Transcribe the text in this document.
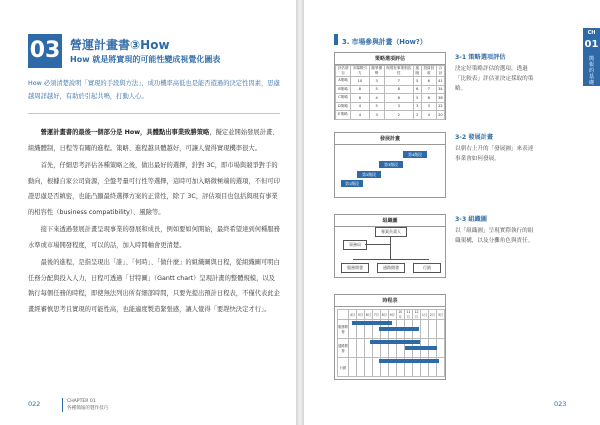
03 營運計畫書③How
How 就是將實現的可能性變成視覺化圖表
How 必須清楚說明「實現的手段與方法」，成功機率高低也是能否遊過的決定性因素，思慮越周詳越好，有助於引起共鳴，打動人心。

營運計畫書的最後一個部分是 How，具體點出事業致勝策略，擬定並開始發展計畫、組織體制，日程等有關的進程。策略、進程越具體越好，可讓人覺得實現機率很大。

首先，仔細思考評估各種策略之後，做出最好的選擇，針對 3C，即市場與競爭對手的動向，根據自家公司資源，全盤考量可行性等選擇，這時可加入略微極端的選項，不但可印證思慮是否縝密，也能凸顯最終選擇方案的正當性，除了 3C，評估項目也包括與現有事業的相容性（business compatibility）、風險等。

接下來透過發展計畫呈現事業的發展和成長，例如要如何開始，最終希望達到何種服務水準或市場開發程度，可以的話，加入時間軸會更清楚。

最後的進程，是指呈現出「誰」、「何時」、「做什麼」的組織圖與日程，從組織圖可明白任務分配與投入人力，日程可透過「甘特圖」（Gantt chart）呈現計畫的整體規模，以及執行每個任務的時程，即使無法列出所有細部時間，只要先提出預計日程表，不僅代表此企畫經審慎思考且實現的可能性高，也能適度製造緊張感，讓人覺得「要趕快決定才行」。

022	CHAPTER 01
各種簡報的製作技巧
3. 市場參與計畫（How?）
CH
01
簡報的基礎
策略選項評估
評估項目	市場吸引力	競爭優勢	與現有事業相容性	風險	投資回收	合計
A策略	10	3	7	5	6	41
B策略	8	5	8	6	7	34
C策略	8	4	6	5	8	38
D策略	4	5	3	3	3	22
E策略	4	3	2	2	4	20
發展計畫
第1階段
第2階段
第3階段
第4階段
組織圖
專案負責人
事務局
服務開發	通路開發	行銷
時程表
	4月	5月	6月	7月	8月	9月	10月	11月	12月	1月	2月	3月
服務開發												
通路開發												
行銷												
3-1 策略選項評估
決定好策略評估的選項，透過「比較表」評估並決定採取的策略。
3-2 發展計畫
以朝右上升的「發展圖」來表達事業會如何發展。
3-3 組織圖
以「組織圖」呈現實際執行的組織架構，以及分攤角色與責任。
023
